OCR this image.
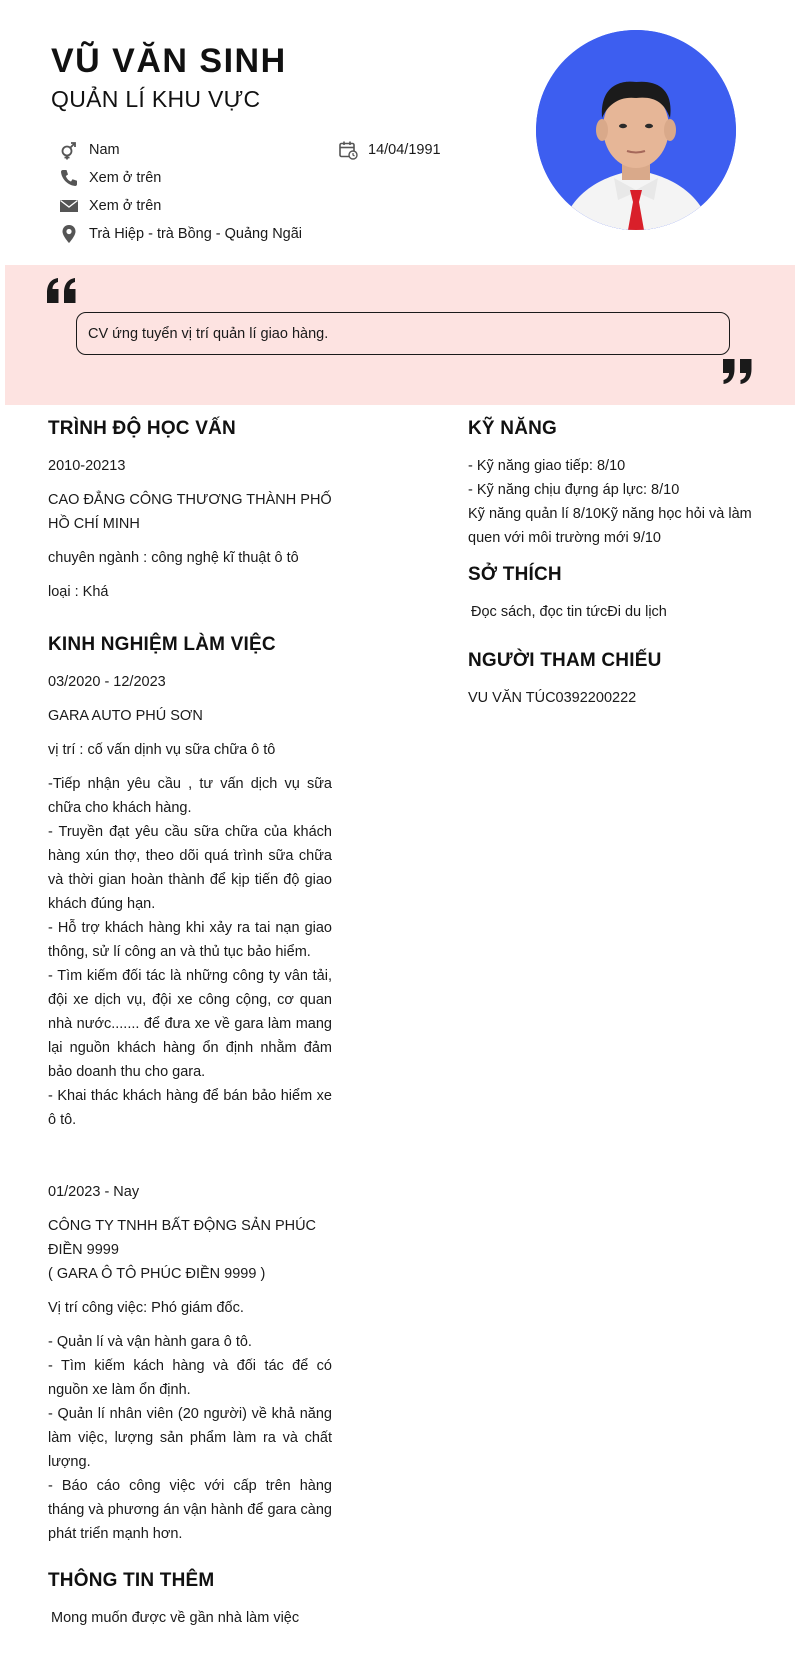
VŨ VĂN SINH
QUẢN LÍ KHU VỰC
Nam	14/04/1991
Xem ở trên
Xem ở trên
Trà Hiệp - trà Bồng - Quảng Ngãi
CV ứng tuyển vị trí quản lí giao hàng.
TRÌNH ĐỘ HỌC VẤN

2010-20213

CAO ĐẲNG CÔNG THƯƠNG THÀNH PHỐ HỒ CHÍ MINH

chuyên ngành : công nghệ kĩ thuật ô tô

loại : Khá

KINH NGHIỆM LÀM VIỆC

03/2020 - 12/2023

GARA AUTO PHÚ SƠN

vị trí : cố vấn dịnh vụ sữa chữa ô tô

-Tiếp nhận yêu cầu , tư vấn dịch vụ sữa chữa cho khách hàng.

- Truyền đạt yêu cầu sữa chữa của khách hàng xún thợ, theo dõi quá trình sữa chữa và thời gian hoàn thành để kịp tiến độ giao khách đúng hạn.

- Hỗ trợ khách hàng khi xảy ra tai nạn giao thông, sử lí công an và thủ tục bảo hiểm.

- Tìm kiếm đối tác là những công ty vân tải, đội xe dịch vụ, đội xe công cộng, cơ quan nhà nước....... để đưa xe về gara làm mang lại nguồn khách hàng ổn định nhằm đảm bảo doanh thu cho gara.

- Khai thác khách hàng để bán bảo hiểm xe ô tô.

01/2023 - Nay

CÔNG TY TNHH BẤT ĐỘNG SẢN PHÚC ĐIỀN 9999

( GARA Ô TÔ PHÚC ĐIỀN 9999 )

Vị trí công việc: Phó giám đốc.

- Quản lí và vận hành gara ô tô.

- Tìm kiếm kách hàng và đối tác để có nguồn xe làm ổn định.

- Quản lí nhân viên (20 người) về khả năng làm việc, lượng sản phẩm làm ra và chất lượng.

- Báo cáo công việc với cấp trên hàng tháng và phương án vận hành để gara càng phát triển mạnh hơn.

THÔNG TIN THÊM

Mong muốn được về gần nhà làm việc

KỸ NĂNG

- Kỹ năng giao tiếp: 8/10

- Kỹ năng chịu đựng áp lực: 8/10

Kỹ năng quản lí 8/10Kỹ năng học hỏi và làm quen với môi trường mới 9/10

SỞ THÍCH

Đọc sách, đọc tin tứcĐi du lịch

NGƯỜI THAM CHIẾU

VU VĂN TÚC0392200222
